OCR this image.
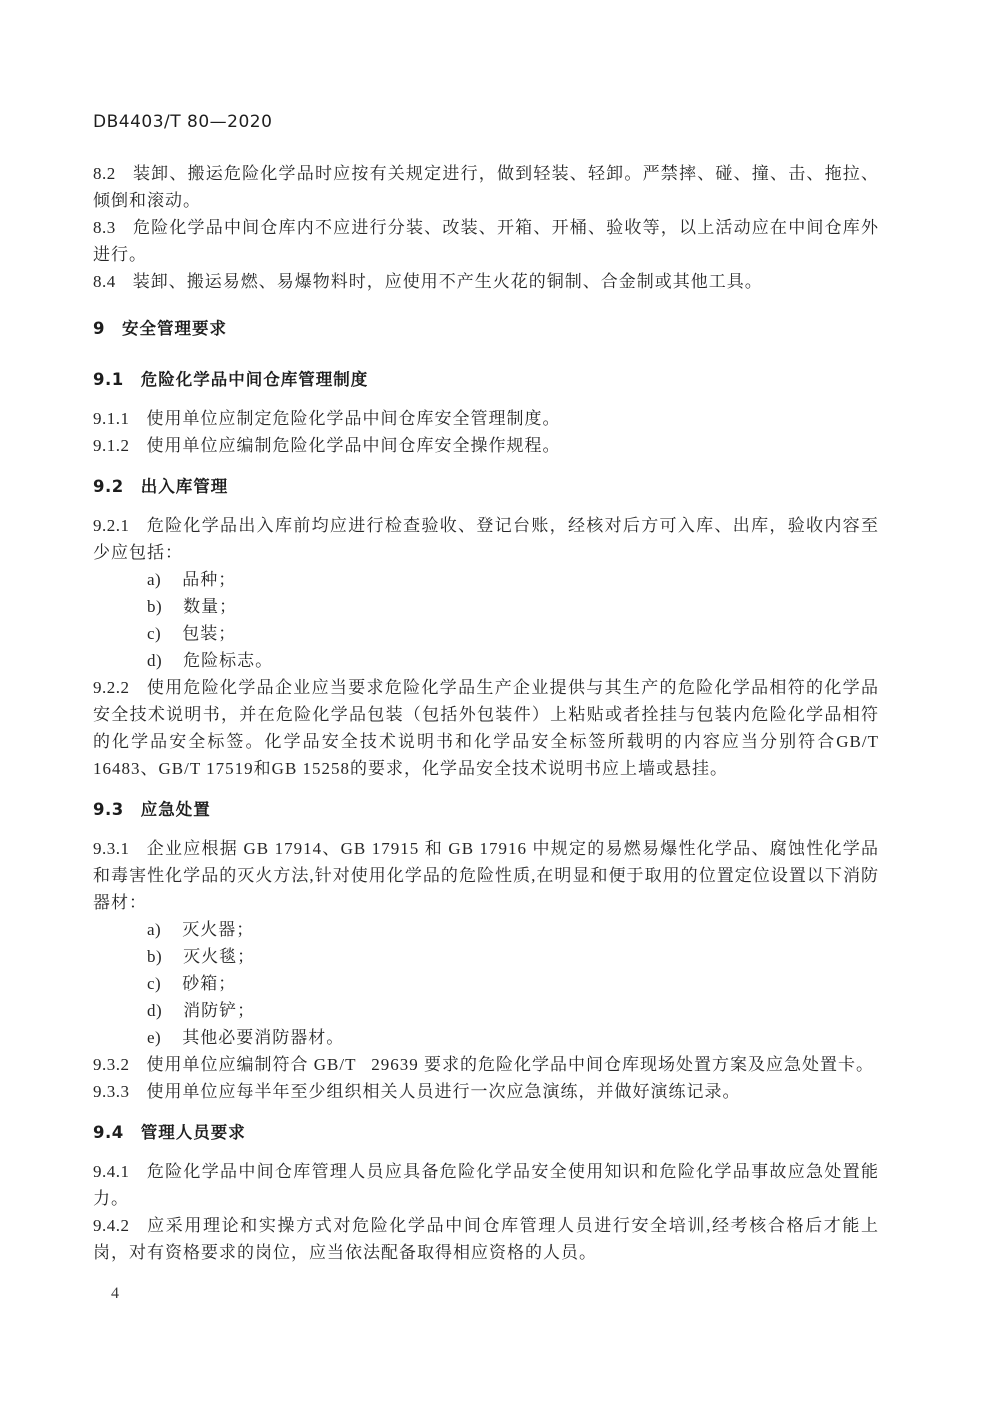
DB4403/T 80—2020

8.2 装卸、搬运危险化学品时应按有关规定进行，做到轻装、轻卸。严禁摔、碰、撞、击、拖拉、倾倒和滚动。

8.3 危险化学品中间仓库内不应进行分装、改装、开箱、开桶、验收等，以上活动应在中间仓库外进行。

8.4 装卸、搬运易燃、易爆物料时，应使用不产生火花的铜制、合金制或其他工具。

9 安全管理要求

9.1 危险化学品中间仓库管理制度

9.1.1 使用单位应制定危险化学品中间仓库安全管理制度。

9.1.2 使用单位应编制危险化学品中间仓库安全操作规程。

9.2 出入库管理

9.2.1 危险化学品出入库前均应进行检查验收、登记台账，经核对后方可入库、出库，验收内容至少应包括：

a) 品种；

b) 数量；

c) 包装；

d) 危险标志。

9.2.2 使用危险化学品企业应当要求危险化学品生产企业提供与其生产的危险化学品相符的化学品安全技术说明书，并在危险化学品包装（包括外包装件）上粘贴或者拴挂与包装内危险化学品相符的化学品安全标签。化学品安全技术说明书和化学品安全标签所载明的内容应当分别符合GB/T 16483、GB/T 17519和GB 15258的要求，化学品安全技术说明书应上墙或悬挂。

9.3 应急处置

9.3.1 企业应根据 GB 17914、GB 17915 和 GB 17916 中规定的易燃易爆性化学品、腐蚀性化学品和毒害性化学品的灭火方法,针对使用化学品的危险性质,在明显和便于取用的位置定位设置以下消防器材：

a) 灭火器；

b) 灭火毯；

c) 砂箱；

d) 消防铲；

e) 其他必要消防器材。

9.3.2 使用单位应编制符合 GB/T  29639 要求的危险化学品中间仓库现场处置方案及应急处置卡。

9.3.3 使用单位应每半年至少组织相关人员进行一次应急演练，并做好演练记录。

9.4 管理人员要求

9.4.1 危险化学品中间仓库管理人员应具备危险化学品安全使用知识和危险化学品事故应急处置能力。

9.4.2 应采用理论和实操方式对危险化学品中间仓库管理人员进行安全培训,经考核合格后才能上岗，对有资格要求的岗位，应当依法配备取得相应资格的人员。

4
